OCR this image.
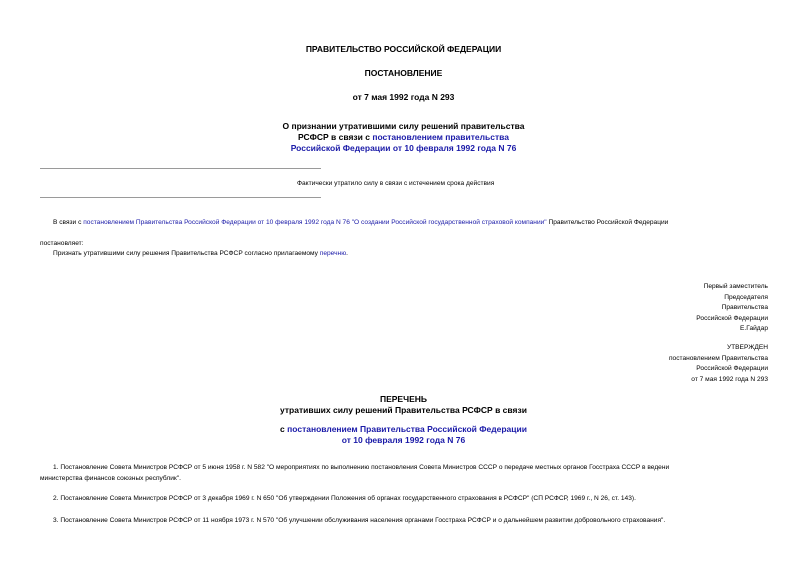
ПРАВИТЕЛЬСТВО РОССИЙСКОЙ ФЕДЕРАЦИИ
ПОСТАНОВЛЕНИЕ
от 7 мая 1992 года N 293
О признании утратившими силу решений правительства
РСФСР в связи с постановлением правительства
Российской Федерации от 10 февраля 1992 года N 76
Фактически утратило силу в связи с истечением срока действия
В связи с постановлением Правительства Российской Федерации от 10 февраля 1992 года N 76 "О создании Российской государственной страховой компании" Правительство Российской Федерации
постановляет:
Признать утратившими силу решения Правительства РСФСР согласно прилагаемому перечню.
Первый заместитель
Председателя
Правительства
Российской Федерации
Е.Гайдар
УТВЕРЖДЕН
постановлением Правительства
Российской Федерации
от 7 мая 1992 года N 293
ПЕРЕЧЕНЬ
утративших силу решений Правительства РСФСР в связи
с постановлением Правительства Российской Федерации
от 10 февраля 1992 года N 76
1. Постановление Совета Министров РСФСР от 5 июня 1958 г. N 582 "О мероприятиях по выполнению постановления Совета Министров СССР о передаче местных органов Госстраха СССР в ведени
министерства финансов союзных республик".
2. Постановление Совета Министров РСФСР от 3 декабря 1969 г. N 650 "Об утверждении Положения об органах государственного страхования в РСФСР" (СП РСФСР, 1969 г., N 26, ст. 143).
3. Постановление Совета Министров РСФСР от 11 ноября 1973 г. N 570 "Об улучшении обслуживания населения органами Госстраха РСФСР и о дальнейшем развитии добровольного страхования".
